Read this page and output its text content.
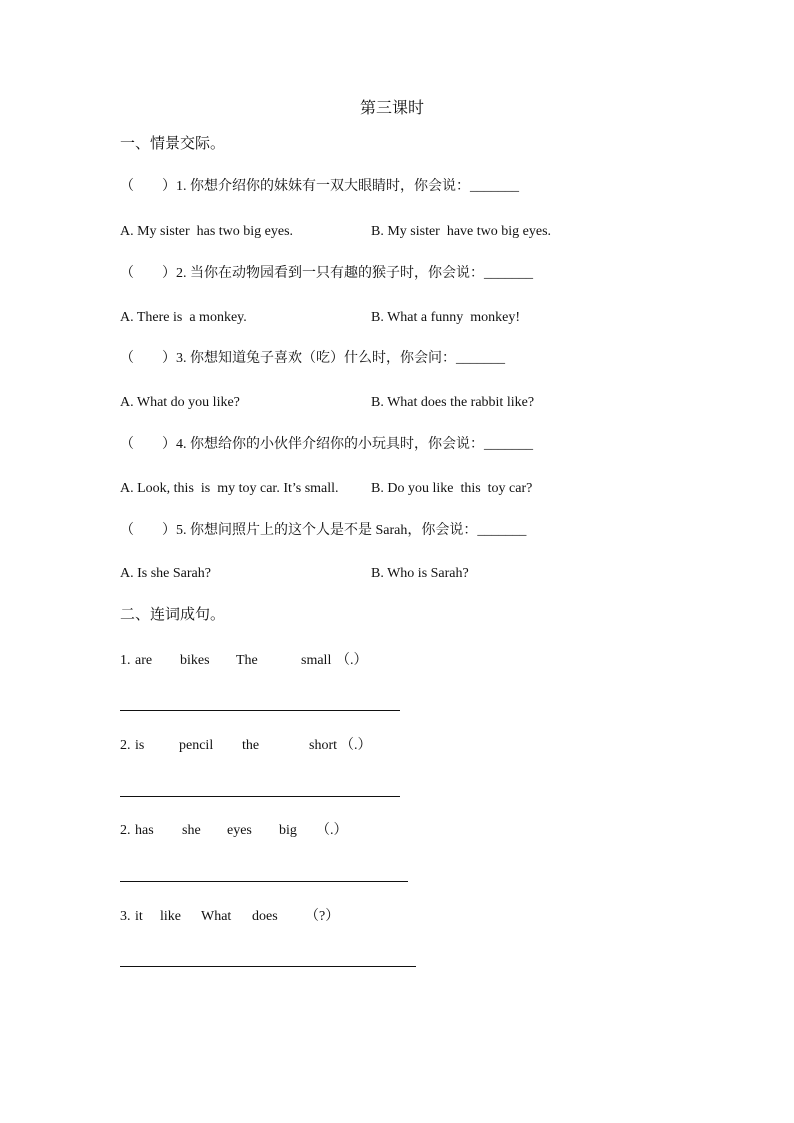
第三课时
一、情景交际。
（　　）1. 你想介绍你的妹妹有一双大眼睛时，你会说：_______
A. My sister  has two big eyes.	B. My sister  have two big eyes.
（　　）2. 当你在动物园看到一只有趣的猴子时，你会说：_______
A. There is  a monkey.	B. What a funny  monkey!
（　　）3. 你想知道兔子喜欢（吃）什么时，你会问：_______
A. What do you like?	B. What does the rabbit like?
（　　）4. 你想给你的小伙伴介绍你的小玩具时，你会说：_______
A. Look, this  is  my toy car. It’s small. B. Do you like  this  toy car?
（　　）5. 你想问照片上的这个人是不是 Sarah，你会说：_______
A. Is she Sarah?	B. Who is Sarah?
二、连词成句。
1. are bikes The	small （.）
2. is pencil the	short （.）
2. has she eyes big （.）
3. it like What does （?）
